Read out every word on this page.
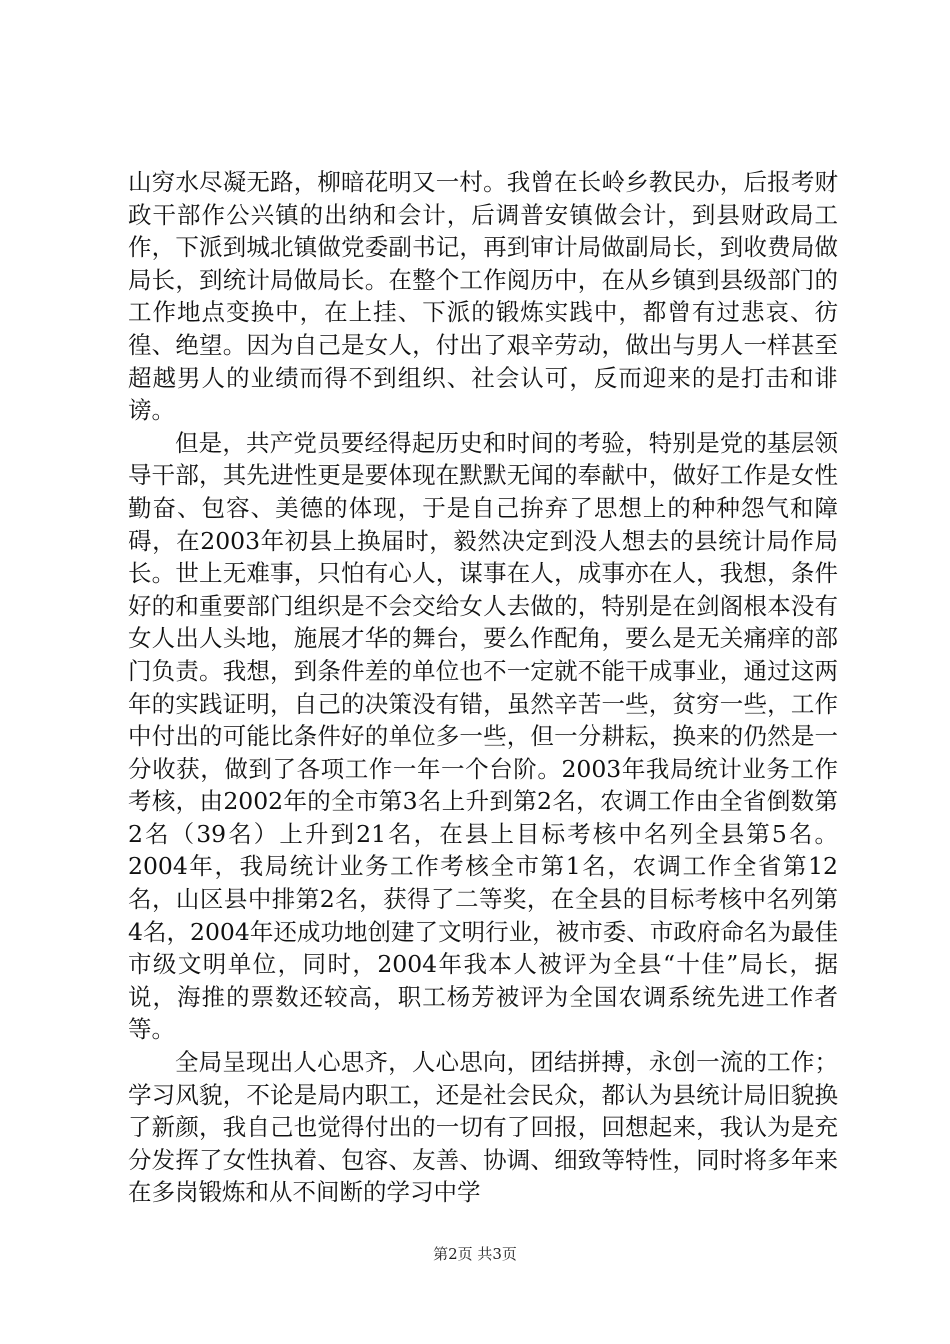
山穷水尽凝无路，柳暗花明又一村。我曾在长岭乡教民办，后报考财政干部作公兴镇的出纳和会计，后调普安镇做会计，到县财政局工作，下派到城北镇做党委副书记，再到审计局做副局长，到收费局做局长，到统计局做局长。在整个工作阅历中，在从乡镇到县级部门的工作地点变换中，在上挂、下派的锻炼实践中，都曾有过悲哀、彷徨、绝望。因为自己是女人，付出了艰辛劳动，做出与男人一样甚至超越男人的业绩而得不到组织、社会认可，反而迎来的是打击和诽谤。

但是，共产党员要经得起历史和时间的考验，特别是党的基层领导干部，其先进性更是要体现在默默无闻的奉献中，做好工作是女性勤奋、包容、美德的体现，于是自己拚弃了思想上的种种怨气和障碍，在2003年初县上换届时，毅然决定到没人想去的县统计局作局长。世上无难事，只怕有心人，谋事在人，成事亦在人，我想，条件好的和重要部门组织是不会交给女人去做的，特别是在剑阁根本没有女人出人头地，施展才华的舞台，要么作配角，要么是无关痛痒的部门负责。我想，到条件差的单位也不一定就不能干成事业，通过这两年的实践证明，自己的决策没有错，虽然辛苦一些，贫穷一些，工作中付出的可能比条件好的单位多一些，但一分耕耘，换来的仍然是一分收获，做到了各项工作一年一个台阶。2003年我局统计业务工作考核，由2002年的全市第3名上升到第2名，农调工作由全省倒数第2名（39名）上升到21名，在县上目标考核中名列全县第5名。2004年，我局统计业务工作考核全市第1名，农调工作全省第12名，山区县中排第2名，获得了二等奖，在全县的目标考核中名列第4名，2004年还成功地创建了文明行业，被市委、市政府命名为最佳市级文明单位，同时，2004年我本人被评为全县“十佳”局长，据说，海推的票数还较高，职工杨芳被评为全国农调系统先进工作者等。

全局呈现出人心思齐，人心思向，团结拼搏，永创一流的工作；学习风貌，不论是局内职工，还是社会民众，都认为县统计局旧貌换了新颜，我自己也觉得付出的一切有了回报，回想起来，我认为是充分发挥了女性执着、包容、友善、协调、细致等特性，同时将多年来在多岗锻炼和从不间断的学习中学

第2页 共3页
